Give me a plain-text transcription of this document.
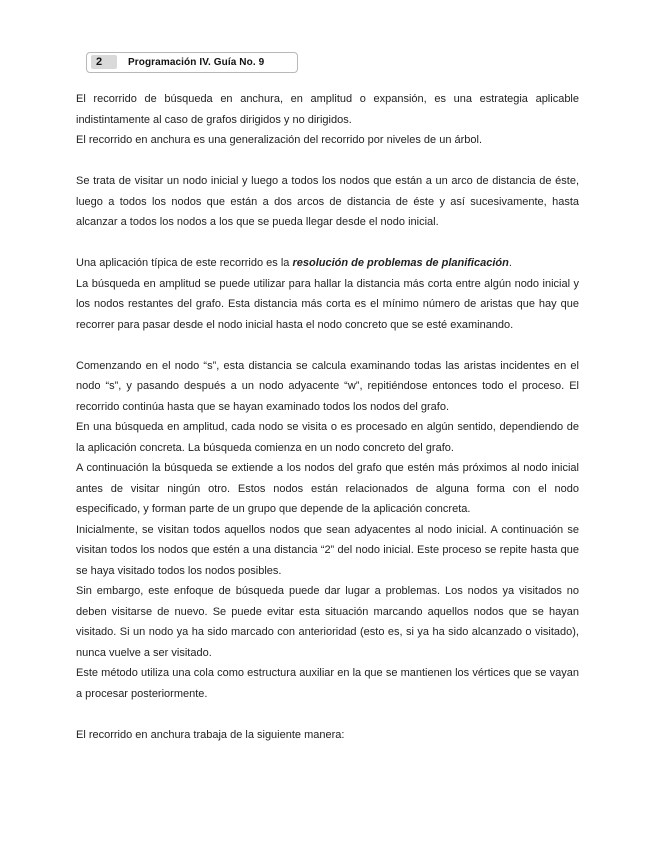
2	Programación IV. Guía No. 9

El recorrido de búsqueda en anchura, en amplitud o expansión, es una estrategia aplicable indistintamente al caso de grafos dirigidos y no dirigidos.

El recorrido en anchura es una generalización del recorrido por niveles de un árbol.

Se trata de visitar un nodo inicial y luego a todos los nodos que están a un arco de distancia de éste, luego a todos los nodos que están a dos arcos de distancia de éste y así sucesivamente, hasta alcanzar a todos los nodos a los que se pueda llegar desde el nodo inicial.

Una aplicación típica de este recorrido es la resolución de problemas de planificación.

La búsqueda en amplitud se puede utilizar para hallar la distancia más corta entre algún nodo inicial y los nodos restantes del grafo. Esta distancia más corta es el mínimo número de aristas que hay que recorrer para pasar desde el nodo inicial hasta el nodo concreto que se esté examinando.

Comenzando en el nodo “s”, esta distancia se calcula examinando todas las aristas incidentes en el nodo “s”, y pasando después a un nodo adyacente “w”, repitiéndose entonces todo el proceso. El recorrido continúa hasta que se hayan examinado todos los nodos del grafo.

En una búsqueda en amplitud, cada nodo se visita o es procesado en algún sentido, dependiendo de la aplicación concreta. La búsqueda comienza en un nodo concreto del grafo.

A continuación la búsqueda se extiende a los nodos del grafo que estén más próximos al nodo inicial antes de visitar ningún otro. Estos nodos están relacionados de alguna forma con el nodo especificado, y forman parte de un grupo que depende de la aplicación concreta.

Inicialmente, se visitan todos aquellos nodos que sean adyacentes al nodo inicial. A continuación se visitan todos los nodos que estén a una distancia “2” del nodo inicial. Este proceso se repite hasta que se haya visitado todos los nodos posibles.

Sin embargo, este enfoque de búsqueda puede dar lugar a problemas. Los nodos ya visitados no deben visitarse de nuevo. Se puede evitar esta situación marcando aquellos nodos que se hayan visitado. Si un nodo ya ha sido marcado con anterioridad (esto es, si ya ha sido alcanzado o visitado), nunca vuelve a ser visitado.

Este método utiliza una cola como estructura auxiliar en la que se mantienen los vértices que se vayan a procesar posteriormente.

El recorrido en anchura trabaja de la siguiente manera:
